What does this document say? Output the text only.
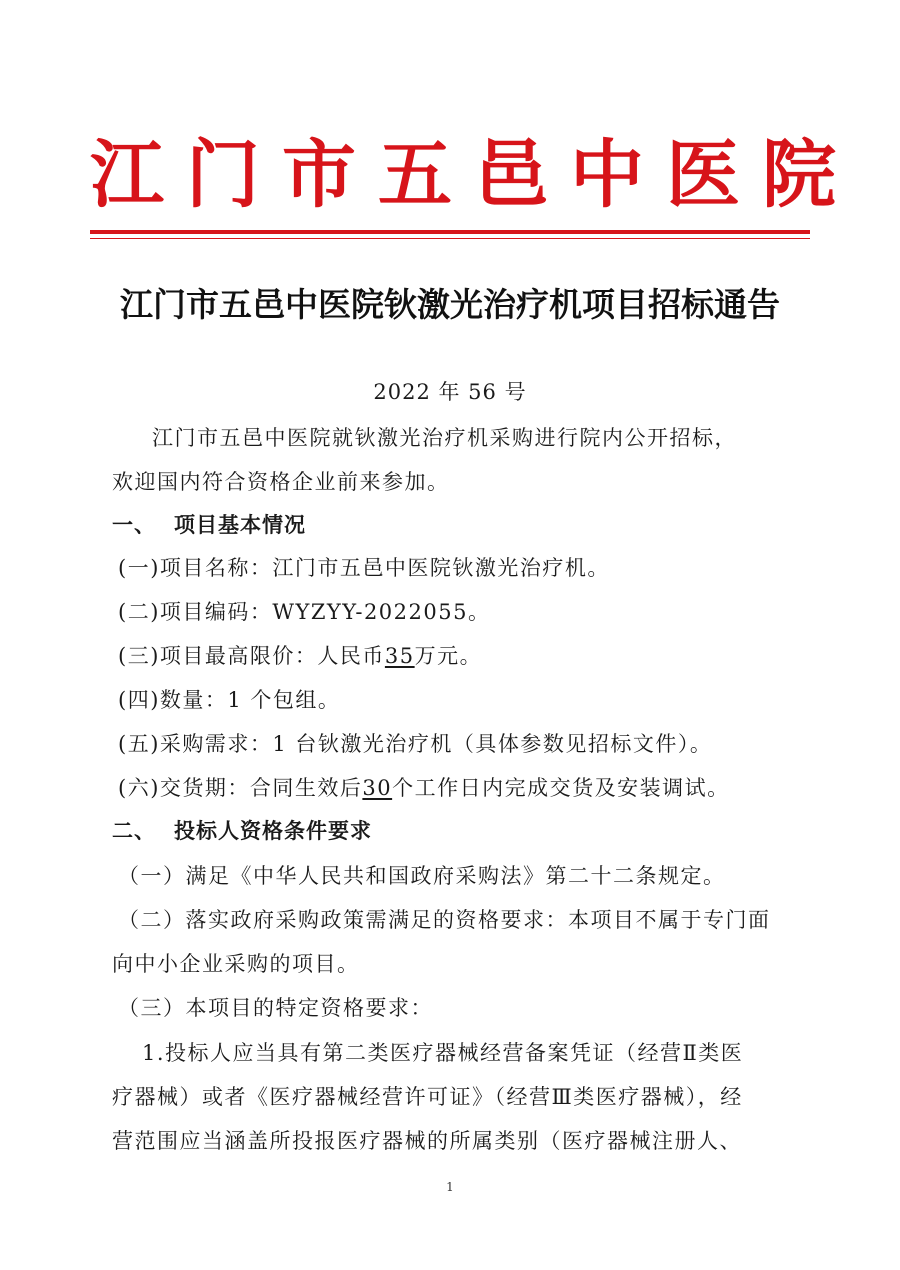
江门市五邑中医院
江门市五邑中医院钬激光治疗机项目招标通告
2022 年 56 号
江门市五邑中医院就钬激光治疗机采购进行院内公开招标，
欢迎国内符合资格企业前来参加。
一、 项目基本情况
(一)项目名称：江门市五邑中医院钬激光治疗机。
(二)项目编码：WYZYY-2022055。
(三)项目最高限价：人民币35万元。
(四)数量：1 个包组。
(五)采购需求：1 台钬激光治疗机（具体参数见招标文件）。
(六)交货期：合同生效后30个工作日内完成交货及安装调试。
二、 投标人资格条件要求
（一）满足《中华人民共和国政府采购法》第二十二条规定。
（二）落实政府采购政策需满足的资格要求：本项目不属于专门面
向中小企业采购的项目。
（三）本项目的特定资格要求：
1.投标人应当具有第二类医疗器械经营备案凭证（经营Ⅱ类医
疗器械）或者《医疗器械经营许可证》（经营Ⅲ类医疗器械），经
营范围应当涵盖所投报医疗器械的所属类别（医疗器械注册人、
1
